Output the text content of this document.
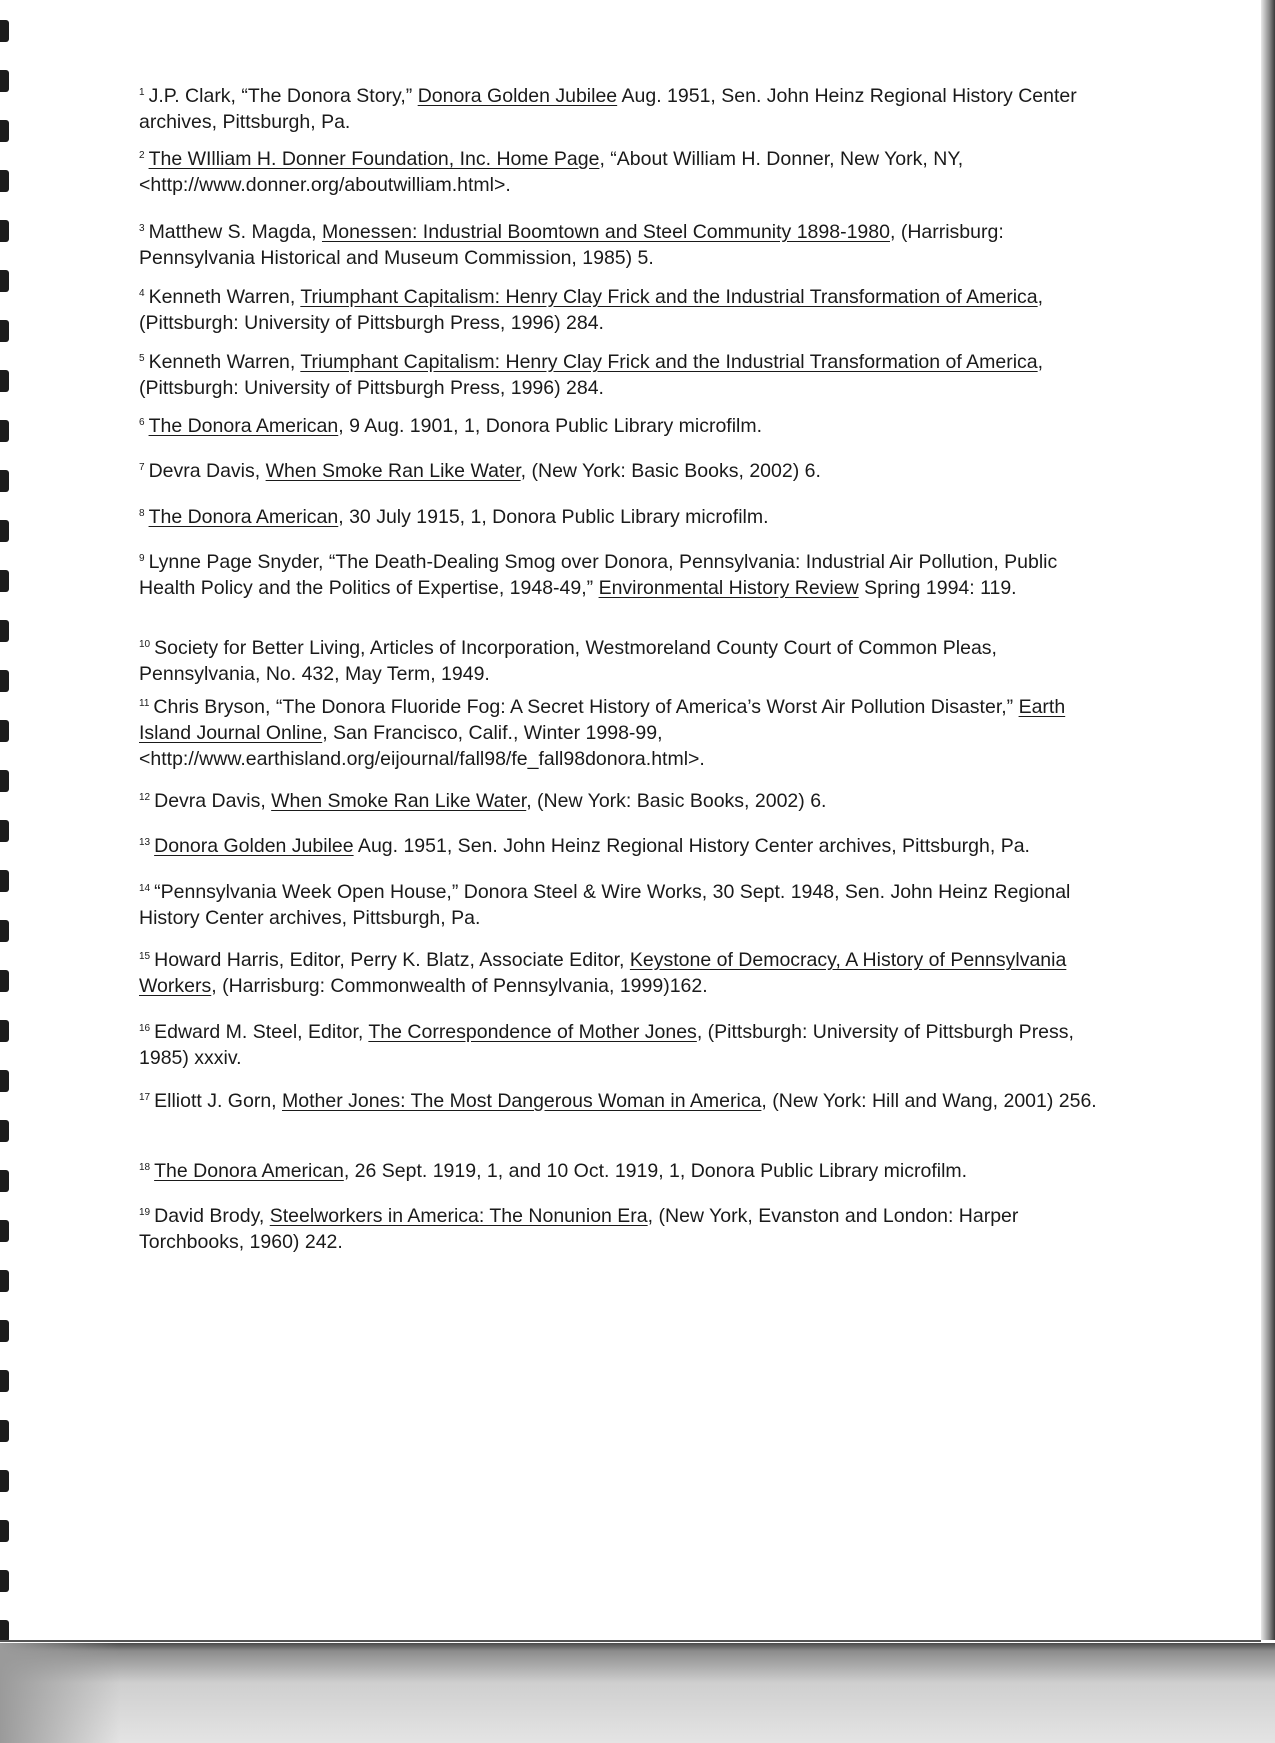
$^1$ J.P. Clark, “The Donora Story,” Donora Golden Jubilee Aug. 1951, Sen. John Heinz Regional History Center archives, Pittsburgh, Pa.

$^2$ The WIlliam H. Donner Foundation, Inc. Home Page, “About William H. Donner, New York, NY, <http://www.donner.org/aboutwilliam.html>.

$^3$ Matthew S. Magda, Monessen: Industrial Boomtown and Steel Community 1898-1980, (Harrisburg: Pennsylvania Historical and Museum Commission, 1985) 5.

$^4$ Kenneth Warren, Triumphant Capitalism: Henry Clay Frick and the Industrial Transformation of America, (Pittsburgh: University of Pittsburgh Press, 1996) 284.

$^5$ Kenneth Warren, Triumphant Capitalism: Henry Clay Frick and the Industrial Transformation of America, (Pittsburgh: University of Pittsburgh Press, 1996) 284.

$^6$ The Donora American, 9 Aug. 1901, 1, Donora Public Library microfilm.

$^7$ Devra Davis, When Smoke Ran Like Water, (New York: Basic Books, 2002) 6.

$^8$ The Donora American, 30 July 1915, 1, Donora Public Library microfilm.

$^9$ Lynne Page Snyder, “The Death-Dealing Smog over Donora, Pennsylvania: Industrial Air Pollution, Public Health Policy and the Politics of Expertise, 1948-49,” Environmental History Review Spring 1994: 119.

$^{10}$ Society for Better Living, Articles of Incorporation, Westmoreland County Court of Common Pleas, Pennsylvania, No. 432, May Term, 1949.

$^{11}$ Chris Bryson, “The Donora Fluoride Fog: A Secret History of America’s Worst Air Pollution Disaster,” Earth Island Journal Online, San Francisco, Calif., Winter 1998-99, <http://www.earthisland.org/eijournal/fall98/fe_fall98donora.html>.

$^{12}$ Devra Davis, When Smoke Ran Like Water, (New York: Basic Books, 2002) 6.

$^{13}$ Donora Golden Jubilee Aug. 1951, Sen. John Heinz Regional History Center archives, Pittsburgh, Pa.

$^{14}$ “Pennsylvania Week Open House,” Donora Steel & Wire Works, 30 Sept. 1948, Sen. John Heinz Regional History Center archives, Pittsburgh, Pa.

$^{15}$ Howard Harris, Editor, Perry K. Blatz, Associate Editor, Keystone of Democracy, A History of Pennsylvania Workers, (Harrisburg: Commonwealth of Pennsylvania, 1999)162.

$^{16}$ Edward M. Steel, Editor, The Correspondence of Mother Jones, (Pittsburgh: University of Pittsburgh Press, 1985) xxxiv.

$^{17}$ Elliott J. Gorn, Mother Jones: The Most Dangerous Woman in America, (New York: Hill and Wang, 2001) 256.

$^{18}$ The Donora American, 26 Sept. 1919, 1, and 10 Oct. 1919, 1, Donora Public Library microfilm.

$^{19}$ David Brody, Steelworkers in America: The Nonunion Era, (New York, Evanston and London: Harper Torchbooks, 1960) 242.
